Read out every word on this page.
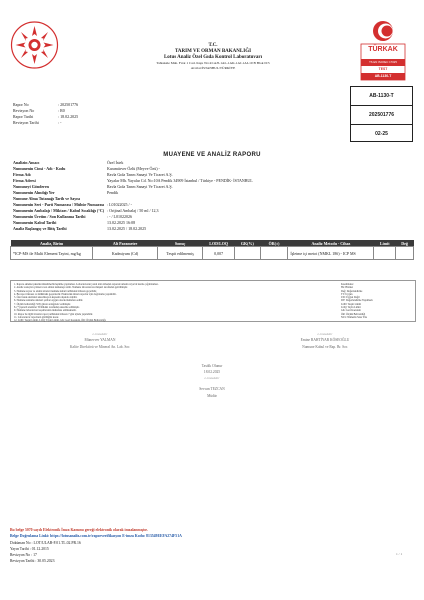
T.C.
TARIM VE ORMAN BAKANLIĞI
Lotus Analiz Özel Gıda Kontrol Laboratuvarı
Tahtakale Mah. Fırat 1 Cad. Kapı No:4/1A/8-1AL-1AK-1AJ-1AI-10 B Blok D:5
Avcılar/İSTANBUL/TÜRKİYE
TÜRKAK
TS EN ISO/IEC 17025
TEST
AB-1130-T
AB-1130-T
202501776
02-25
Rapor No	: 202501776
Revizyon No	: R0
Rapor Tarihi	: 18.02.2025
Revizyon Tarihi	: -
MUAYENE VE ANALİZ RAPORU
Analizin Amacı	Özel İstek
Numunenin Cinsi - Adı - Kodu	Karamürver Özlü (Meyve Özü) -
Firma Adı	Ravla Gıda Tarım Sanayi Ve Ticaret A.Ş.
Firma Adresi	Yayalar Mh. Yayalar Cd. No:10A Pendik 34909 İstanbul / Türkiye - PENDİK- İSTANBUL
Numuneyi Gönderen	Ravla Gıda Tarım Sanayi Ve Ticaret A.Ş.
Numunenin Alındığı Yer	Pendik
Numune Alma Tutanağı Tarih ve Sayısı
Numunenin Seri - Parti Numarası / Mühür Numarası : L01022025 / -
Numunenin Ambalajı / Miktarı / Kabul Sıcaklığı (°C) : Orijinal Ambalaj / 50 ml / 12,3
Numunenin Üretim / Son Kullanma Tarihi	: - / L01022026
Numunenin Kabul Tarihi	13.02.2025 16:08
Analiz Başlangıç ve Bitiş Tarihi	13.02.2025 / 18.02.2025
Analiz, Birim	Alt Parametre	Sonuç	LOD/LOQ	GK(%)	ÖR(±)	Analiz Metodu - Cihaz	Limit	Değ
*ICP-MS ile Multi Element Tayini, mg/kg	Kadmiyum (Cd)	Tespit edilmemiş	0,007			İşletme içi metot (NMKL 186) - ICP MS		
1. Rapora ekleme/çıkarma/düzeltme/birleştirme yapılamaz. Laboratuvarın yazılı izni olmadan raporun tamamı veya bir kısmı çoğaltılamaz.
2. Analiz sonuçları yalnızca test edilen numuneye aittir. Numune laboratuvara müşteri tarafından getirilmiştir.
3. Numune sayısı ve analiz süreleri numune kabul tarihinden itibaren geçerlidir.
4. Bu rapor imzasız ve mühürsüz geçersizdir. Elektronik imzalı raporlar için doğrulama yapılabilir.
5. Özel istek analizleri akreditasyon kapsamı dışında olabilir.
6. Numune saklama süreleri şartlara uygun olarak muhafaza edilir.
7. Ölçüm belirsizliği %95 güven aralığında verilmiştir.
8. (*) işaretli analizler TÜRKAK tarafından akredite edilmiştir.
9. Numune laboratuvar koşullarında muhafaza edilmektedir.
10. Rapor ile ilgili itirazlar rapor tarihinden itibaren 7 gün içinde yapılabilir.
11. Laboratuvar raporların gizliliğini korur.
12. LOD: Tespit Limiti, LOQ: Tayin Limiti, GK: Geri Kazanım, ÖR: Ölçüm Belirsizliği.
Kısaltmalar:
Hz: Hizmet
Değ: Değerlendirme
TT: Uygun
UD: Uygun Değil
DY: Değerlendirme Yapılmadı
LOD: Tespit Limiti
LOQ: Tayin Limiti
GK: Geri Kazanım
ÖR: Ölçüm Belirsizliği
NLS: Nümerik Sınır Yok
e-imzalıdır
Münevver YALMAN
Kalite Direktörü ve Mineral An. Lab. Sor.
e-imzalıdır
Emine BAHTİYAR KÖSEOĞLU
Numune Kabul ve Rap. Br. Sor.
Tasdik Olunur
18.02.2025
e-imzalıdır
Sevcan TEZCAN
Müdür
Bu belge 5070 sayılı Elektronik İmza Kanunu gereği elektronik olarak imzalanmıştır.
Belge Doğrulama Linki: https://lotusanaliz.com.tr/raporverifikasyon E-imza Kodu: 813549EEFA274F51A
Doküman No : LOT/ULAB-F.01.TL.02.PR.16
Yayın Tarihi : 01.12.2015
Revizyon No : 17
Revizyon Tarihi : 30.05.2023
1 / 1
